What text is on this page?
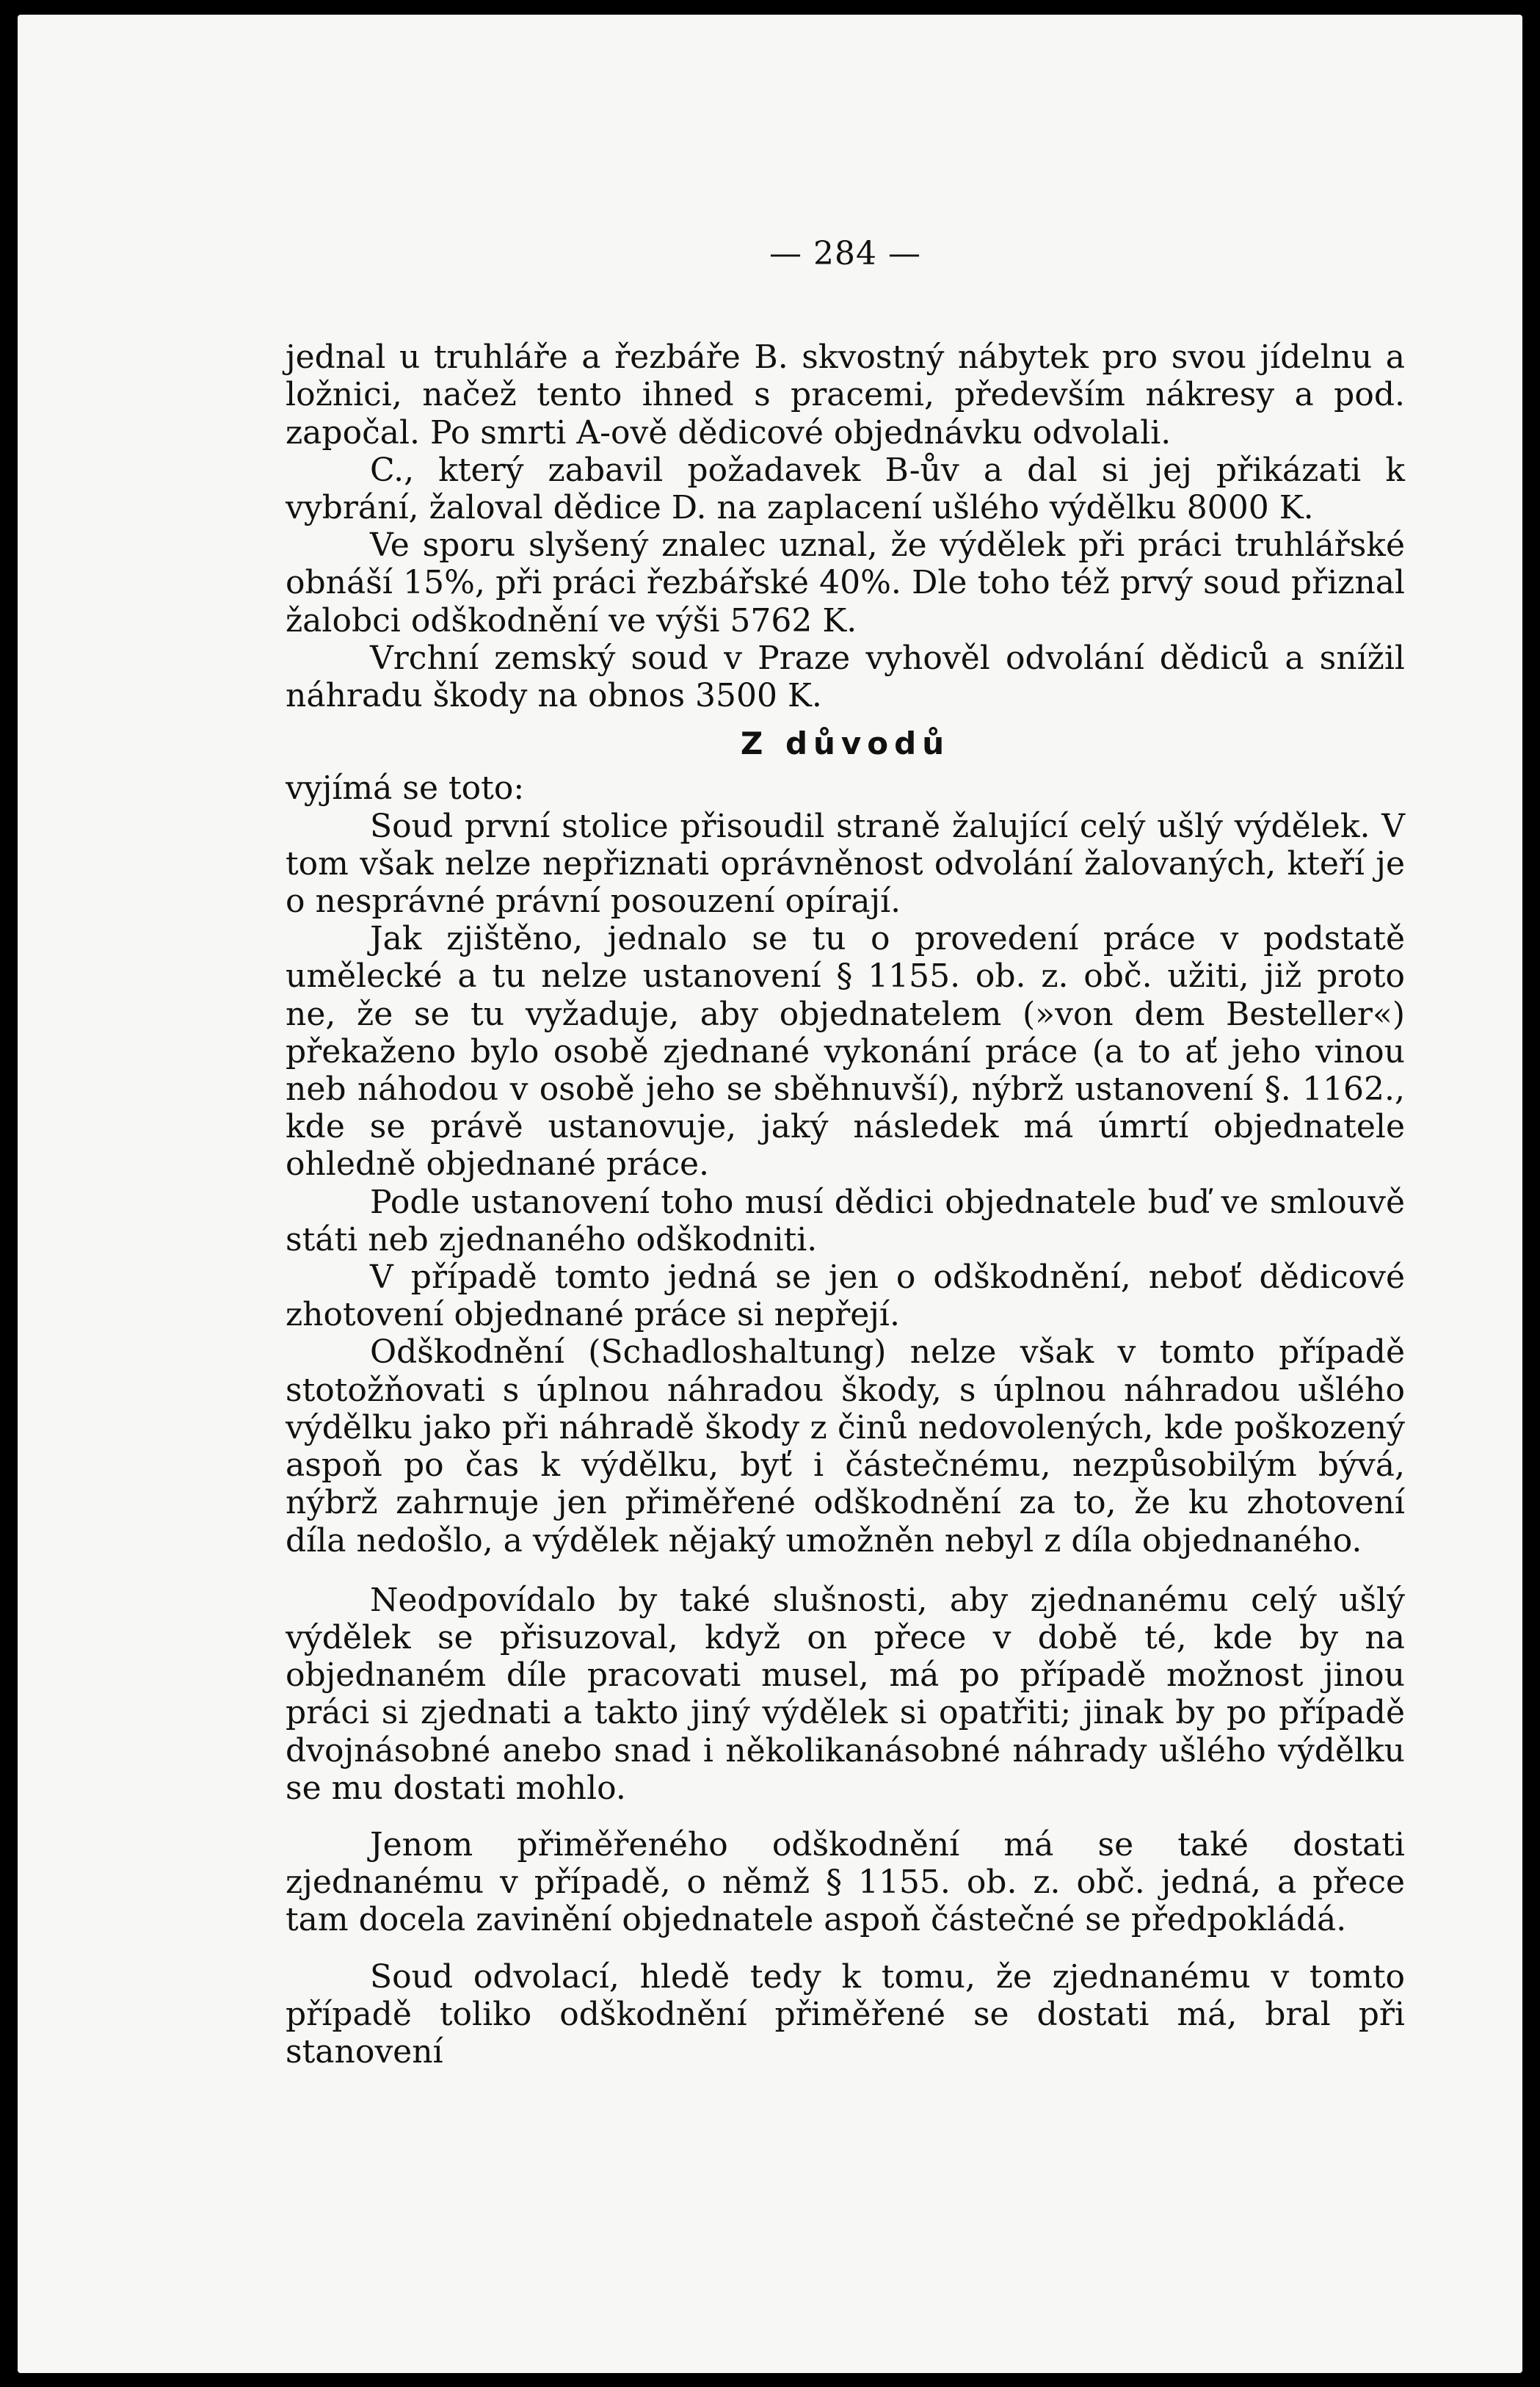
— 284 —

jednal u truhláře a řezbáře B. skvostný nábytek pro svou jídelnu a ložnici, načež tento ihned s pracemi, především nákresy a pod. započal. Po smrti A-ově dědicové objednávku odvolali.

C., který zabavil požadavek B-ův a dal si jej přikázati k vybrání, žaloval dědice D. na zaplacení ušlého výdělku 8000 K.

Ve sporu slyšený znalec uznal, že výdělek při práci truhlářské obnáší 15%, při práci řezbářské 40%. Dle toho též prvý soud přiznal žalobci odškodnění ve výši 5762 K.

Vrchní zemský soud v Praze vyhověl odvolání dědiců a snížil náhradu škody na obnos 3500 K.

Z důvodů

vyjímá se toto:

Soud první stolice přisoudil straně žalující celý ušlý výdělek. V tom však nelze nepřiznati oprávněnost odvolání žalovaných, kteří je o nesprávné právní posouzení opírají.

Jak zjištěno, jednalo se tu o provedení práce v podstatě umělecké a tu nelze ustanovení § 1155. ob. z. obč. užiti, již proto ne, že se tu vyžaduje, aby objednatelem (»von dem Besteller«) překaženo bylo osobě zjednané vykonání práce (a to ať jeho vinou neb náhodou v osobě jeho se sběhnuvší), nýbrž ustanovení §. 1162., kde se právě ustanovuje, jaký následek má úmrtí objednatele ohledně objednané práce.

Podle ustanovení toho musí dědici objednatele buď ve smlouvě státi neb zjednaného odškodniti.

V případě tomto jedná se jen o odškodnění, neboť dědicové zhotovení objednané práce si nepřejí.

Odškodnění (Schadloshaltung) nelze však v tomto případě stotožňovati s úplnou náhradou škody, s úplnou náhradou ušlého výdělku jako při náhradě škody z činů nedovolených, kde poškozený aspoň po čas k výdělku, byť i částečnému, nezpůsobilým bývá, nýbrž zahrnuje jen přiměřené odškodnění za to, že ku zhotovení díla nedošlo, a výdělek nějaký umožněn nebyl z díla objednaného.

Neodpovídalo by také slušnosti, aby zjednanému celý ušlý výdělek se přisuzoval, když on přece v době té, kde by na objednaném díle pracovati musel, má po případě možnost jinou práci si zjednati a takto jiný výdělek si opatřiti; jinak by po případě dvojnásobné anebo snad i několikanásobné náhrady ušlého výdělku se mu dostati mohlo.

Jenom přiměřeného odškodnění má se také dostati zjednanému v případě, o němž § 1155. ob. z. obč. jedná, a přece tam docela zavinění objednatele aspoň částečné se předpokládá.

Soud odvolací, hledě tedy k tomu, že zjednanému v tomto případě toliko odškodnění přiměřené se dostati má, bral při stanovení
